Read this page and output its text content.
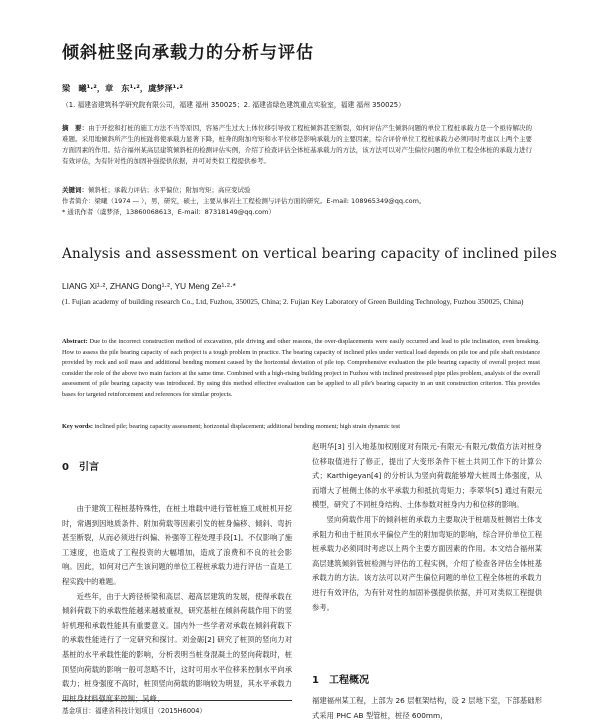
倾斜桩竖向承载力的分析与评估
梁　曦¹·²，章　东¹·²，虞梦泽¹·²
（1. 福建省建筑科学研究院有限公司，福建 福州 350025；2. 福建省绿色建筑重点实验室，福建 福州 350025）
摘　要：由于开挖和打桩的施工方法不当等原因，容易产生过大上体位移引导致工程桩倾斜甚至断裂，如何评估产生倾斜问题的单位工程桩承载力是一个亟待解决的难题。采用地倾斜所产生的桩趾将使承载力显著下降，桩身的附加弯矩和水平位移是影响承载力的主要因素，综合评价单位工程桩承载力必须同时考虑以上两个主要方面因素的作用。结合福州某高层建筑倾斜桩的检测评估实例，介绍了检查评估全体桩基承载力的方法，该方法可以对产生偏位问题的单位工程全体桩的承载力进行有效评估，为有针对性的加固补强提供依据，并可对类似工程提供参考。
关键词：倾斜桩；承载力评估；水平偏位；附加弯矩；高应变试验
作者简介：梁曦（1974 — ），男，研究，硕士，主要从事岩土工程检测与评估方面的研究。E-mail: 108965349@qq.com。
* 通讯作者（虞梦泽，13860068613，E-mail：87318149@qq.com）
Analysis and assessment on vertical bearing capacity of inclined piles
LIANG Xi¹·², ZHANG Dong¹·², YU Meng Ze¹·²·*
(1. Fujian academy of building research Co., Ltd, Fuzhou, 350025, China; 2. Fujian Key Laboratory of Green Building Technology, Fuzhou 350025, China)
Abstract: Due to the incorrect construction method of excavation, pile driving and other reasons, the over-displacements were easily occurred and lead to pile inclination, even breaking. How to assess the pile bearing capacity of each project is a tough problem in practice. The bearing capacity of inclined piles under vertical load depends on pile toe and pile shaft resistance provided by rock and soil mass and additional bending moment caused by the horizontal deviation of pile top. Comprehensive evaluation the pile bearing capacity of overall project must consider the role of the above two main factors at the same time. Combined with a high-rising building project in Fuzhou with inclined prestressed pipe piles problem, analysis of the overall assessment of pile bearing capacity was introduced. By using this method effective evaluation can be applied to all pile's bearing capacity in an unit construction criterion. This provides bases for targeted reinforcement and references for similar projects.
Key words: inclined pile; bearing capacity assessment; horizontal displacement; additional bending moment; high strain dynamic test
0　引言

由于建筑工程桩基特殊性，在桩土堆载中进行管桩施工成桩机开挖时，常遇到因地质条件、附加荷载等因素引发的桩身偏移、倾斜、弯折甚至断裂，从而必须进行纠偏、补强等工程处理手段[1]。不仅影响了施工速度，也造成了工程投资的大幅增加，造成了浪费和不良的社会影响。因此，如何对已产生该问题的单位工程桩承载力进行评估一直是工程实践中的难题。

近些年，由于大跨径桥梁和高层、超高层建筑的发展，使得承载在倾斜荷载下的承载性能越来越被重视，研究基桩在倾斜荷载作用下的竖轩机理和承载性能具有重要意义。国内外一些学者对承载在倾斜荷载下的承载性能进行了一定研究和探讨。刘金砺[2] 研究了桩顶的竖向力对基桩的水平承载性能的影响，分析表明当桩身混凝土的竖向荷载时，桩顶竖向荷载的影响一般可忽略不计，这时可用水平位移来控制水平向承载力；桩身强度不高时，桩顶竖向荷载的影响较为明显，其水平承载力用桩身材料强度来控制；吴峰、

赵明华[3] 引入地基加权刚度对有限元-有限元-有限元/数值方法对桩身位移取值进行了修正，提出了大变形条件下桩土共同工作下的计算公式；Karthigeyan[4] 的分析认为竖向荷载能够增大桩周土体强度，从而增大了桩侧土体的水平承载力和抵抗弯矩力；李翠华[5] 通过有限元模型，研究了不同桩身结构、土体参数对桩身内力和位移的影响。

竖向荷载作用下的倾斜桩的承载力主要取决于桩端及桩侧岩土体支承阻力和由于桩顶水平偏位产生的附加弯矩的影响，综合评价单位工程桩承载力必须同时考虑以上两个主要方面因素的作用。本文结合福州某高层建筑倾斜管桩检测与评估的工程实例，介绍了检查各评估全体桩基承载力的方法。该方法可以对产生偏位问题的单位工程全体桩的承载力进行有效评估，为有针对性的加固补强提供依据，并可对类似工程提供参考。

1　工程概况
福建福州某工程，上部为 26 层框架结构，设 2 层地下室，下部基础形式采用 PHC AB 型管桩，桩径 600mm，
基金项目：福建省科技计划项目（2015H6004）
